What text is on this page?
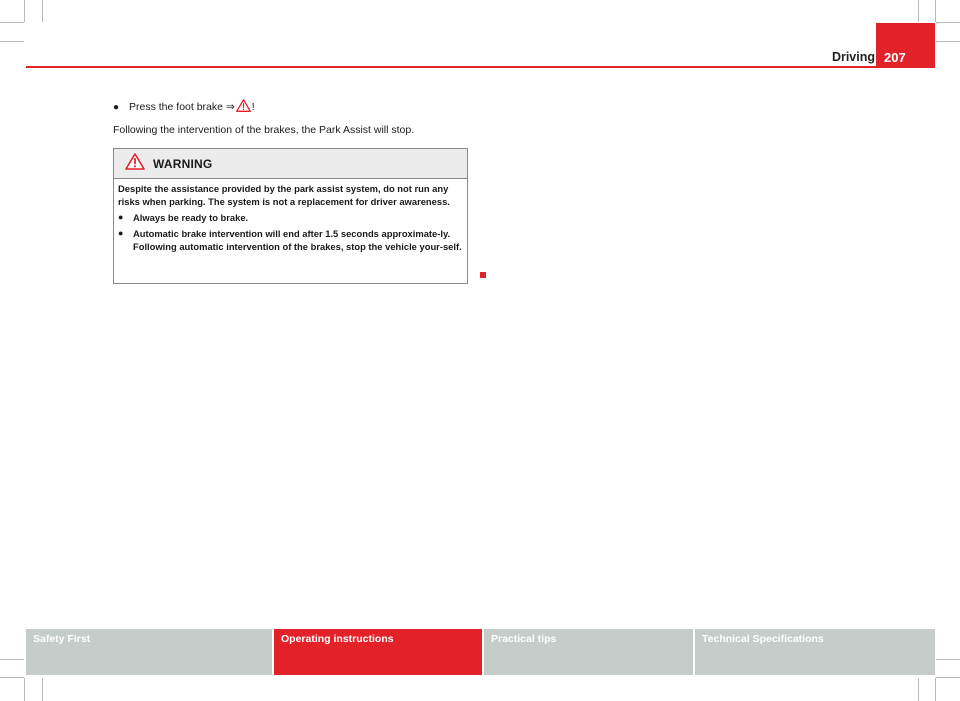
Driving 207
● Press the foot brake ⇒ !
Following the intervention of the brakes, the Park Assist will stop.
WARNING

Despite the assistance provided by the park assist system, do not run any risks when parking. The system is not a replacement for driver awareness.

●	Always be ready to brake.
●	Automatic brake intervention will end after 1.5 seconds approximate-ly. Following automatic intervention of the brakes, stop the vehicle your-self.
Safety First	Operating instructions	Practical tips	Technical Specifications
